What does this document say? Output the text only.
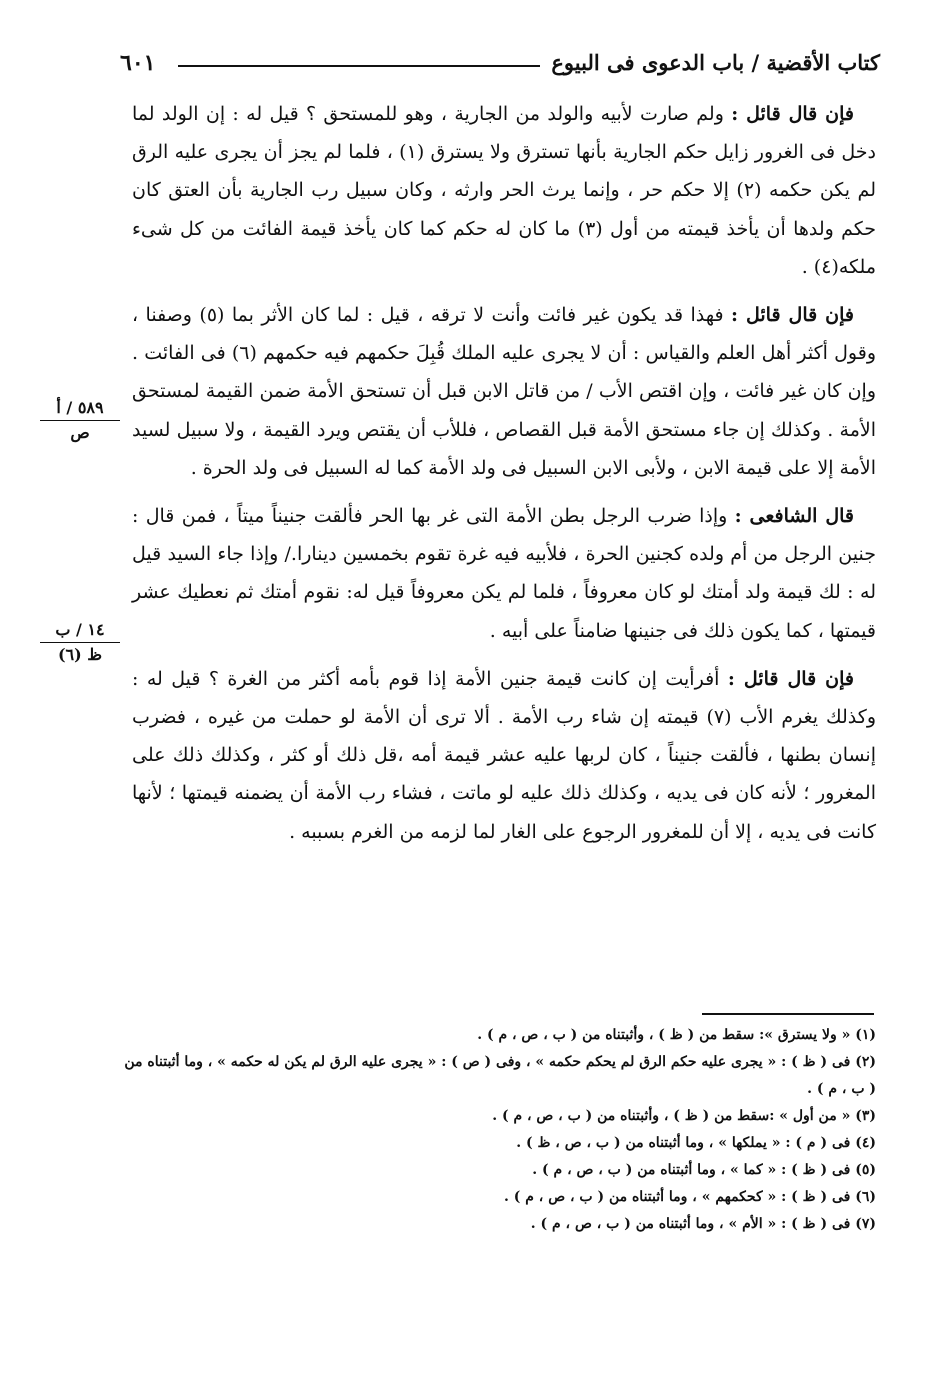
كتاب الأقضية / باب الدعوى فى البيوع
٦٠١

فإن قال قائل : ولم صارت لأبيه والولد من الجارية ، وهو للمستحق ؟ قيل له : إن الولد لما دخل فى الغرور زايل حكم الجارية بأنها تسترق ولا يسترق (١) ، فلما لم يجز أن يجرى عليه الرق لم يكن حكمه (٢) إلا حكم حر ، وإنما يرث الحر وارثه ، وكان سبيل رب الجارية بأن العتق كان حكم ولدها أن يأخذ قيمته من أول (٣) ما كان له حكم كما كان يأخذ قيمة الفائت من كل شىء ملكه(٤) .

فإن قال قائل : فهذا قد يكون غير فائت وأنت لا ترقه ، قيل : لما كان الأثر بما (٥) وصفنا ، وقول أكثر أهل العلم والقياس : أن لا يجرى عليه الملك قُبِلَ حكمهم فيه حكمهم (٦) فى الفائت . وإن كان غير فائت ، وإن اقتص الأب / من قاتل الابن قبل أن تستحق الأمة ضمن القيمة لمستحق الأمة . وكذلك إن جاء مستحق الأمة قبل القصاص ، فللأب أن يقتص ويرد القيمة ، ولا سبيل لسيد الأمة إلا على قيمة الابن ، ولأبى الابن السبيل فى ولد الأمة كما له السبيل فى ولد الحرة .

قال الشافعى : وإذا ضرب الرجل بطن الأمة التى غر بها الحر فألقت جنيناً ميتاً ، فمن قال : جنين الرجل من أم ولده كجنين الحرة ، فلأبيه فيه غرة تقوم بخمسين دينارا./ وإذا جاء السيد قيل له : لك قيمة ولد أمتك لو كان معروفاً ، فلما لم يكن معروفاً قيل له: نقوم أمتك ثم نعطيك عشر قيمتها ، كما يكون ذلك فى جنينها ضامناً على أبيه .

فإن قال قائل : أفرأيت إن كانت قيمة جنين الأمة إذا قوم بأمه أكثر من الغرة ؟ قيل له : وكذلك يغرم الأب (٧) قيمته إن شاء رب الأمة . ألا ترى أن الأمة لو حملت من غيره ، فضرب إنسان بطنها ، فألقت جنيناً ، كان لربها عليه عشر قيمة أمه ،قل ذلك أو كثر ، وكذلك ذلك على المغرور ؛ لأنه كان فى يديه ، وكذلك ذلك عليه لو ماتت ، فشاء رب الأمة أن يضمنه قيمتها ؛ لأنها كانت فى يديه ، إلا أن للمغرور الرجوع على الغار لما لزمه من الغرم بسببه .

٥٨٩ / أ
ص
١٤ / ب
ظ (٦)

(١) « ولا يسترق »: سقط من ( ظ ) ، وأثبتناه من ( ب ، ص ، م ) .

(٢) فى ( ظ ) : « يجرى عليه حكم الرق لم يحكم حكمه » ، وفى ( ص ) : « يجرى عليه الرق لم يكن له حكمه » ، وما أثبتناه من ( ب ، م ) .

(٣) « من أول » :سقط من ( ظ ) ، وأثبتناه من ( ب ، ص ، م ) .

(٤) فى ( م ) : « يملكها » ، وما أثبتناه من ( ب ، ص ، ظ ) .

(٥) فى ( ظ ) : « كما » ، وما أثبتناه من ( ب ، ص ، م ) .

(٦) فى ( ظ ) : « كحكمهم » ، وما أثبتناه من ( ب ، ص ، م ) .

(٧) فى ( ظ ) : « الأم » ، وما أثبتناه من ( ب ، ص ، م ) .
